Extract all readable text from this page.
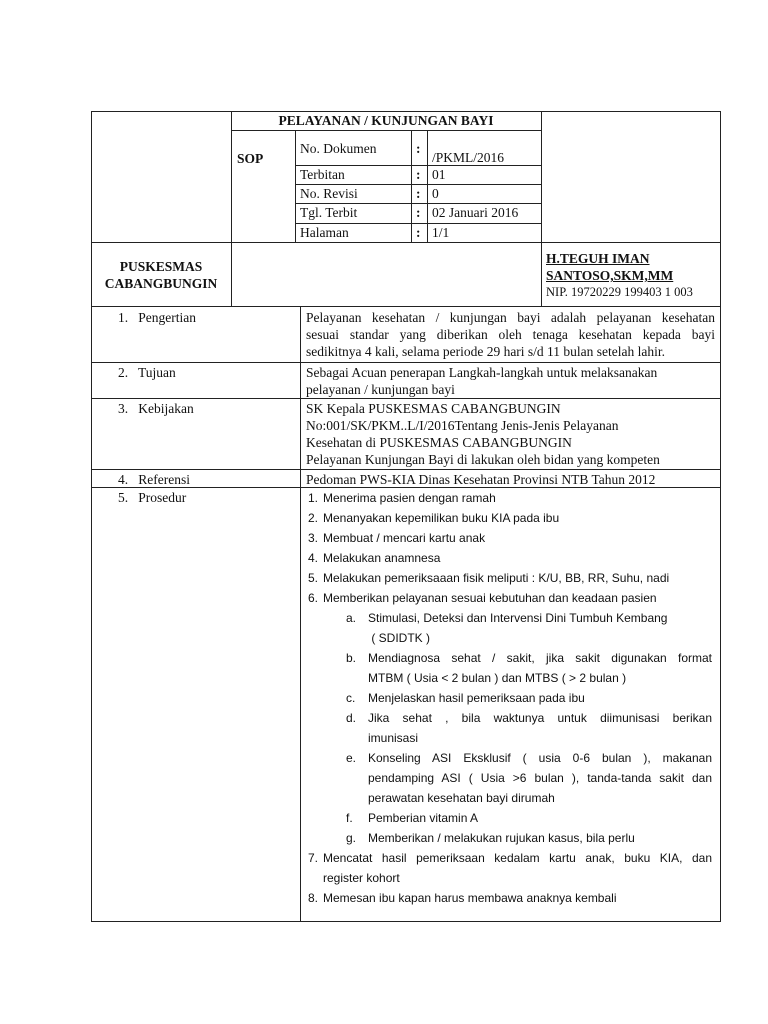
PELAYANAN / KUNJUNGAN BAYI
SOP
No. Dokumen	:
/PKML/2016
Terbitan	: 01
No. Revisi	: 0
Tgl. Terbit	: 02 Januari 2016
Halaman	: 1/1
PUSKESMAS
CABANGBUNGIN
H.TEGUH IMAN
SANTOSO,SKM,MM
NIP. 19720229 199403 1 003
1.   Pengertian	Pelayanan kesehatan / kunjungan bayi adalah pelayanan kesehatan
sesuai standar yang diberikan oleh tenaga kesehatan kepada bayi
sedikitnya 4 kali, selama periode 29 hari s/d 11 bulan setelah lahir.
2.   Tujuan	Sebagai Acuan penerapan Langkah-langkah untuk melaksanakan
pelayanan / kunjungan bayi
3.   Kebijakan	SK Kepala PUSKESMAS CABANGBUNGIN
No:001/SK/PKM..L/I/2016Tentang Jenis-Jenis Pelayanan
Kesehatan di PUSKESMAS CABANGBUNGIN
Pelayanan Kunjungan Bayi di lakukan oleh bidan yang kompeten
4.   Referensi	Pedoman PWS-KIA Dinas Kesehatan Provinsi NTB Tahun 2012
5.   Prosedur	1. Menerima pasien dengan ramah
2. Menanyakan kepemilikan buku KIA pada ibu
3. Membuat / mencari kartu anak
4. Melakukan anamnesa
5. Melakukan pemeriksaaan fisik meliputi : K/U, BB, RR, Suhu, nadi
6. Memberikan pelayanan sesuai kebutuhan dan keadaan pasien
a. Stimulasi, Deteksi dan Intervensi Dini Tumbuh Kembang
( SDIDTK )
b. Mendiagnosa sehat / sakit, jika sakit digunakan format
MTBM ( Usia < 2 bulan ) dan MTBS ( > 2 bulan )
c. Menjelaskan hasil pemeriksaan pada ibu
d. Jika sehat , bila waktunya untuk diimunisasi berikan
imunisasi
e. Konseling ASI Eksklusif ( usia 0-6 bulan ), makanan
pendamping ASI ( Usia >6 bulan ), tanda-tanda sakit dan
perawatan kesehatan bayi dirumah
f. Pemberian vitamin A
g. Memberikan / melakukan rujukan kasus, bila perlu
7. Mencatat hasil pemeriksaan kedalam kartu anak, buku KIA, dan
register kohort
8. Memesan ibu kapan harus membawa anaknya kembali
